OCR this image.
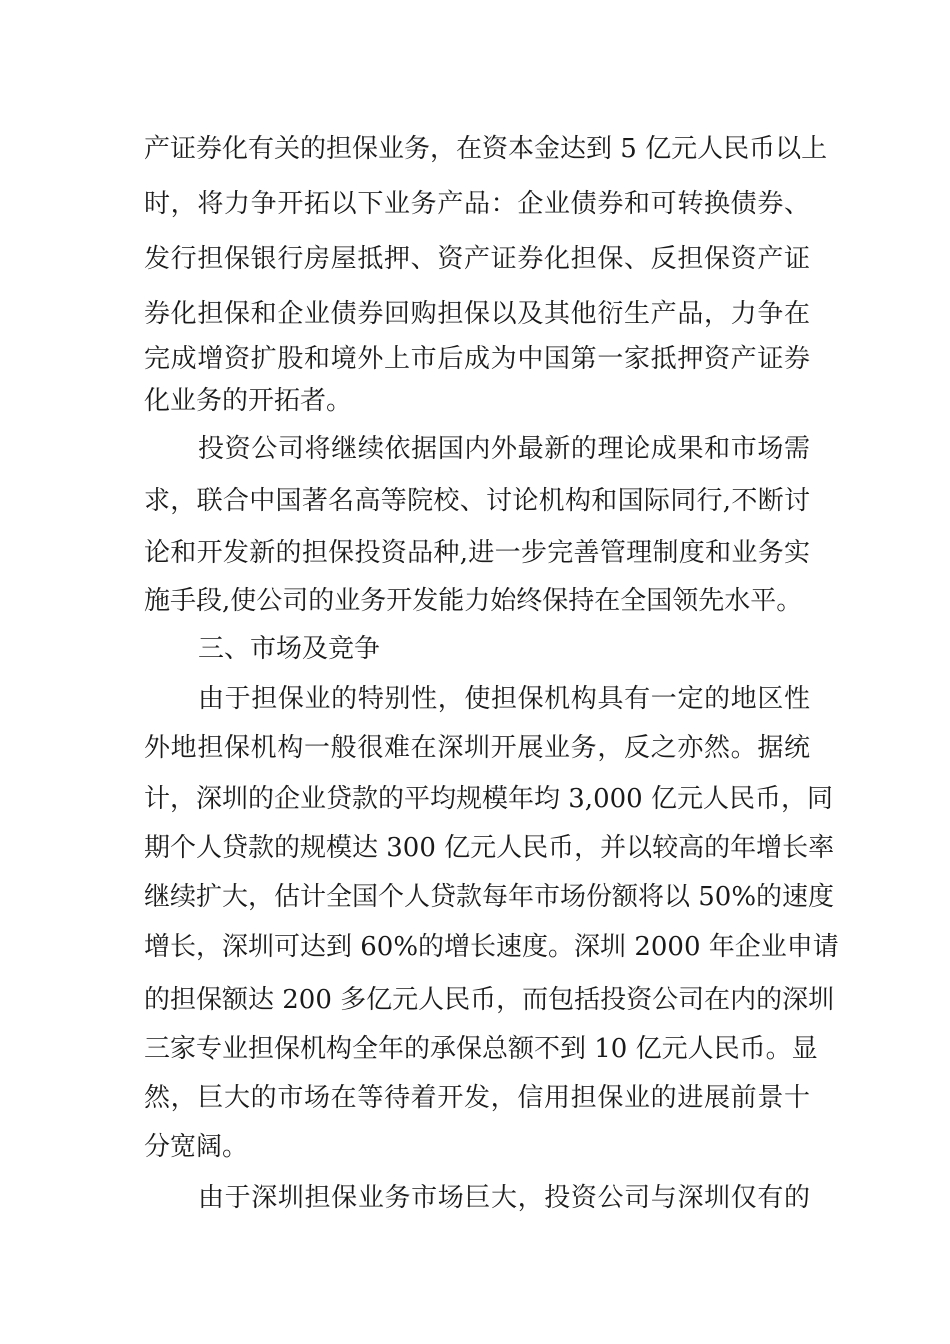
产证券化有关的担保业务，在资本金达到 5 亿元人民币以上
时，将力争开拓以下业务产品：企业债券和可转换债券、
发行担保银行房屋抵押、资产证券化担保、反担保资产证
券化担保和企业债券回购担保以及其他衍生产品，力争在
完成增资扩股和境外上市后成为中国第一家抵押资产证券
化业务的开拓者。
投资公司将继续依据国内外最新的理论成果和市场需
求，联合中国著名高等院校、讨论机构和国际同行,不断讨
论和开发新的担保投资品种,进一步完善管理制度和业务实
施手段,使公司的业务开发能力始终保持在全国领先水平。
三、市场及竞争
由于担保业的特别性，使担保机构具有一定的地区性
外地担保机构一般很难在深圳开展业务，反之亦然。据统
计，深圳的企业贷款的平均规模年均 3,000 亿元人民币，同
期个人贷款的规模达 300 亿元人民币，并以较高的年增长率
继续扩大，估计全国个人贷款每年市场份额将以 50%的速度
增长，深圳可达到 60%的增长速度。深圳 2000 年企业申请
的担保额达 200 多亿元人民币，而包括投资公司在内的深圳
三家专业担保机构全年的承保总额不到 10 亿元人民币。显
然，巨大的市场在等待着开发，信用担保业的进展前景十
分宽阔。
由于深圳担保业务市场巨大，投资公司与深圳仅有的
